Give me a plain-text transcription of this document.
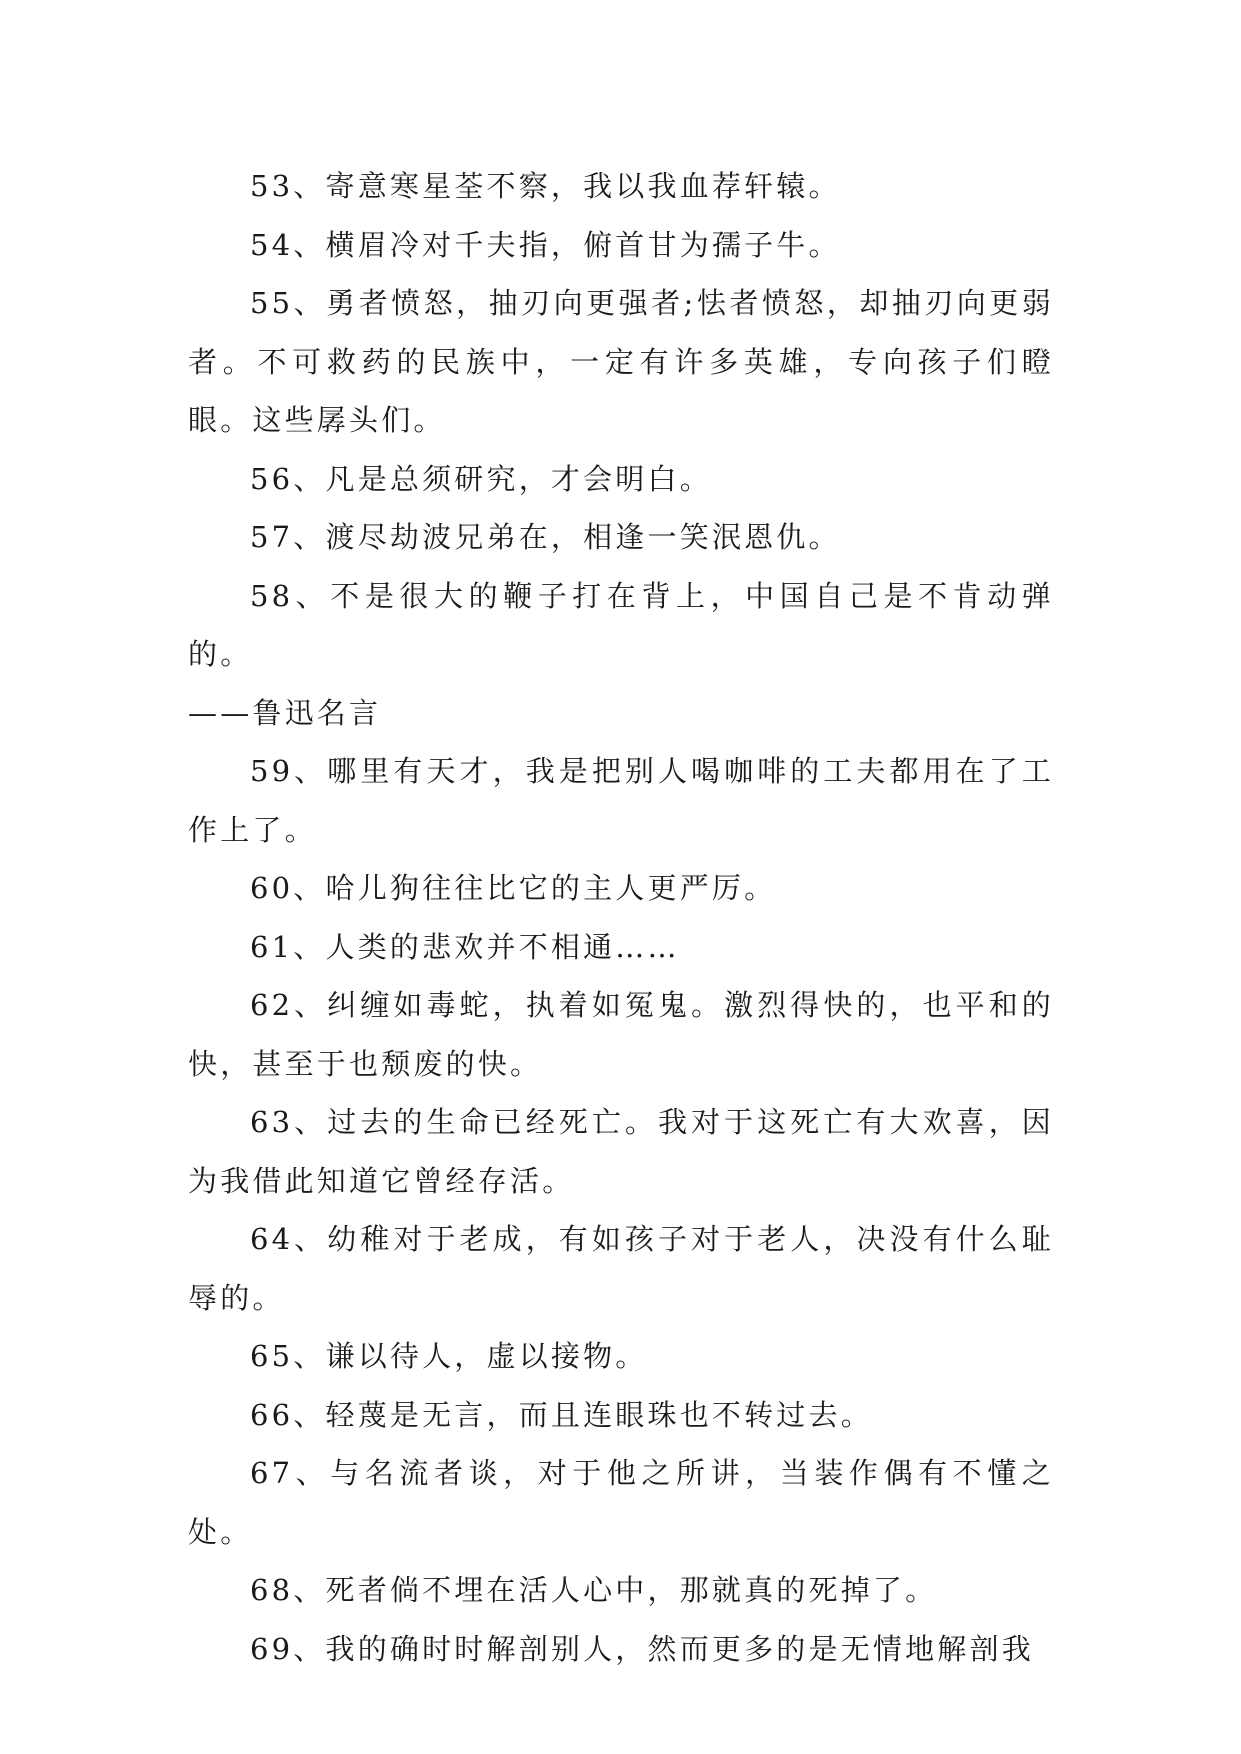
53、寄意寒星荃不察，我以我血荐轩辕。

54、横眉冷对千夫指，俯首甘为孺子牛。

55、勇者愤怒，抽刃向更强者;怯者愤怒，却抽刃向更弱者。不可救药的民族中，一定有许多英雄，专向孩子们瞪眼。这些孱头们。

56、凡是总须研究，才会明白。

57、渡尽劫波兄弟在，相逢一笑泯恩仇。

58、不是很大的鞭子打在背上，中国自己是不肯动弹的。

——鲁迅名言

59、哪里有天才，我是把别人喝咖啡的工夫都用在了工作上了。

60、哈儿狗往往比它的主人更严厉。

61、人类的悲欢并不相通……

62、纠缠如毒蛇，执着如冤鬼。激烈得快的，也平和的快，甚至于也颓废的快。

63、过去的生命已经死亡。我对于这死亡有大欢喜，因为我借此知道它曾经存活。

64、幼稚对于老成，有如孩子对于老人，决没有什么耻辱的。

65、谦以待人，虚以接物。

66、轻蔑是无言，而且连眼珠也不转过去。

67、与名流者谈，对于他之所讲，当装作偶有不懂之处。

68、死者倘不埋在活人心中，那就真的死掉了。

69、我的确时时解剖别人，然而更多的是无情地解剖我
